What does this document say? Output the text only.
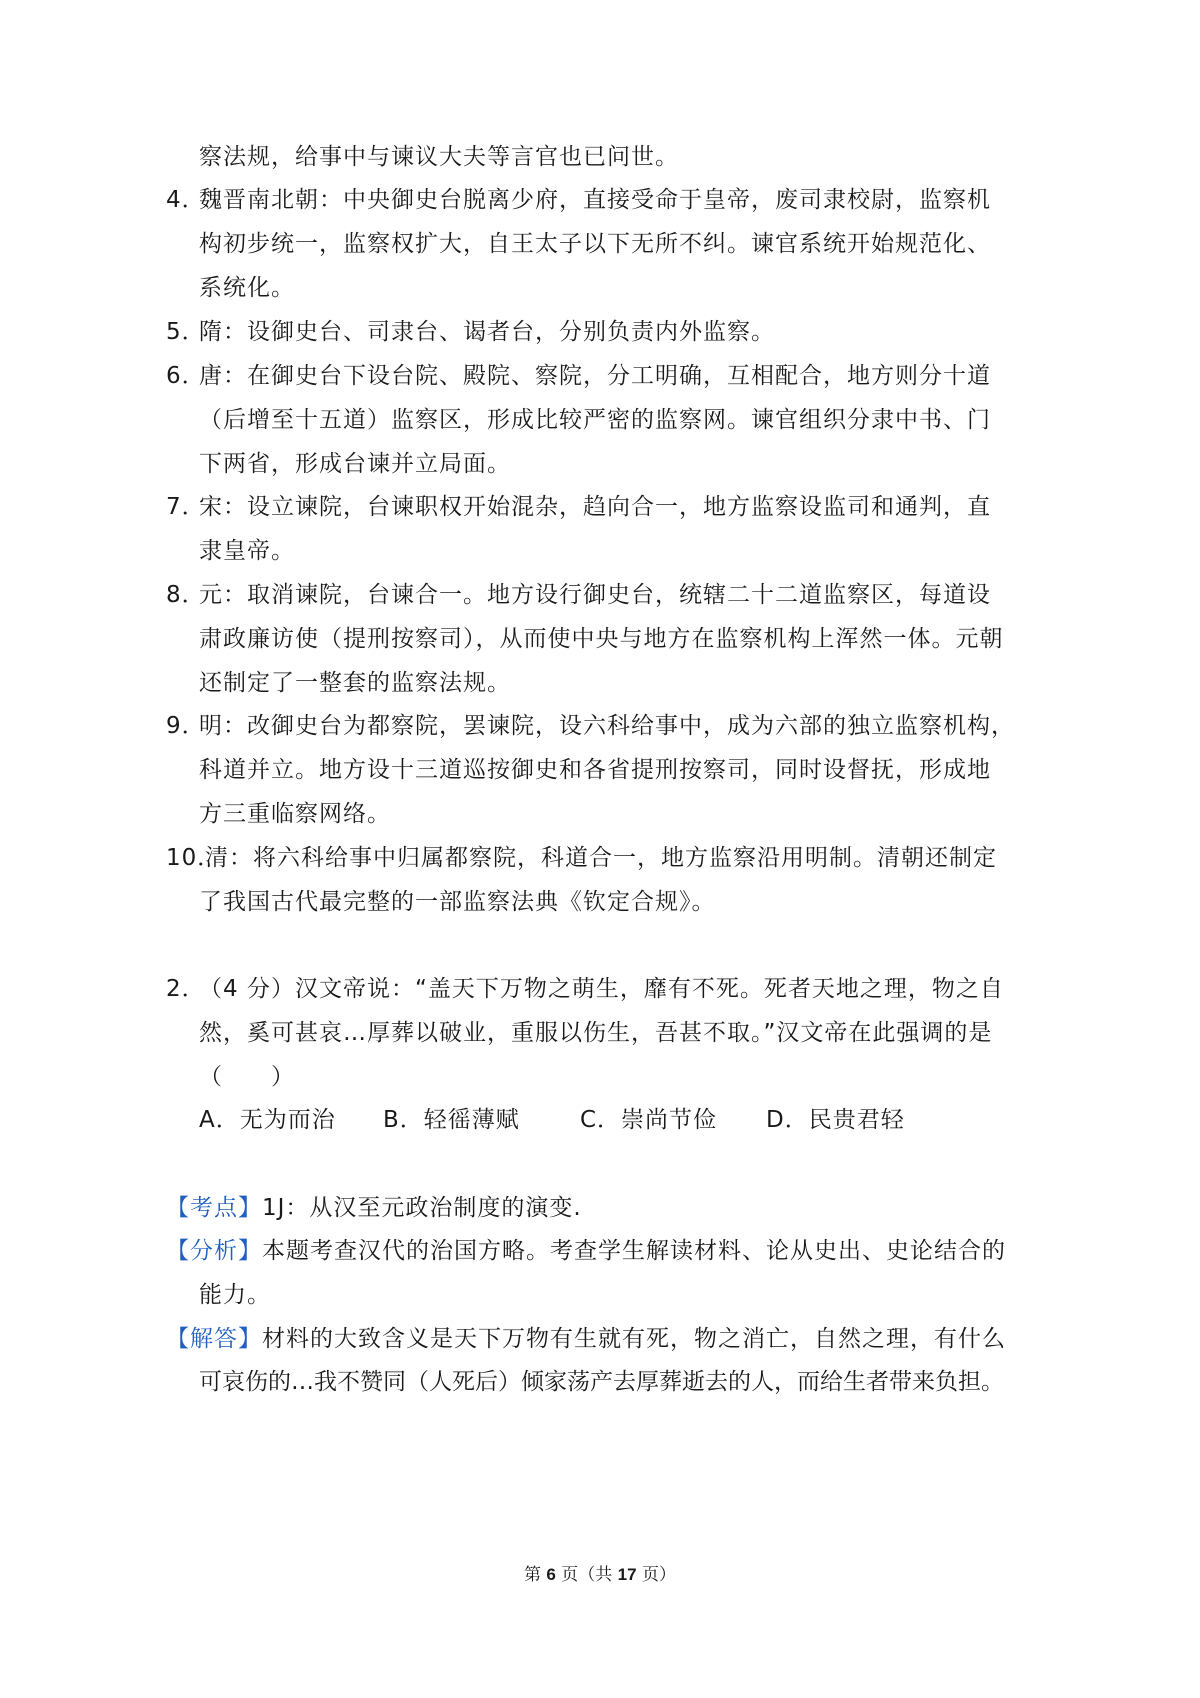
察法规，给事中与谏议大夫等言官也已问世。
4．
魏晋南北朝：中央御史台脱离少府，直接受命于皇帝，废司隶校尉，监察机
构初步统一，监察权扩大，自王太子以下无所不纠。谏官系统开始规范化、
系统化。
5．
隋：设御史台、司隶台、谒者台，分别负责内外监察。
6．
唐：在御史台下设台院、殿院、察院，分工明确，互相配合，地方则分十道
（后增至十五道）监察区，形成比较严密的监察网。谏官组织分隶中书、门
下两省，形成台谏并立局面。
7．
宋：设立谏院，台谏职权开始混杂，趋向合一，地方监察设监司和通判，直
隶皇帝。
8．
元：取消谏院，台谏合一。地方设行御史台，统辖二十二道监察区，每道设
肃政廉访使（提刑按察司），从而使中央与地方在监察机构上浑然一体。元朝
还制定了一整套的监察法规。
9．
明：改御史台为都察院，罢谏院，设六科给事中，成为六部的独立监察机构，
科道并立。地方设十三道巡按御史和各省提刑按察司，同时设督抚，形成地
方三重临察网络。
10．
清：将六科给事中归属都察院，科道合一，地方监察沿用明制。清朝还制定
了我国古代最完整的一部监察法典《钦定合规》。
2．
（4 分）汉文帝说：“盖天下万物之萌生，靡有不死。死者天地之理，物之自
然，奚可甚哀…厚葬以破业，重服以伤生，吾甚不取。”汉文帝在此强调的是
（　　）
A．无为而治 B．轻徭薄赋	C．崇尚节俭 D．民贵君轻
【考点】1J：从汉至元政治制度的演变.
【分析】本题考查汉代的治国方略。考查学生解读材料、论从史出、史论结合的
能力。
【解答】材料的大致含义是天下万物有生就有死，物之消亡，自然之理，有什么
可哀伤的…我不赞同（人死后）倾家荡产去厚葬逝去的人，而给生者带来负担。
第 6 页（共 17 页）
